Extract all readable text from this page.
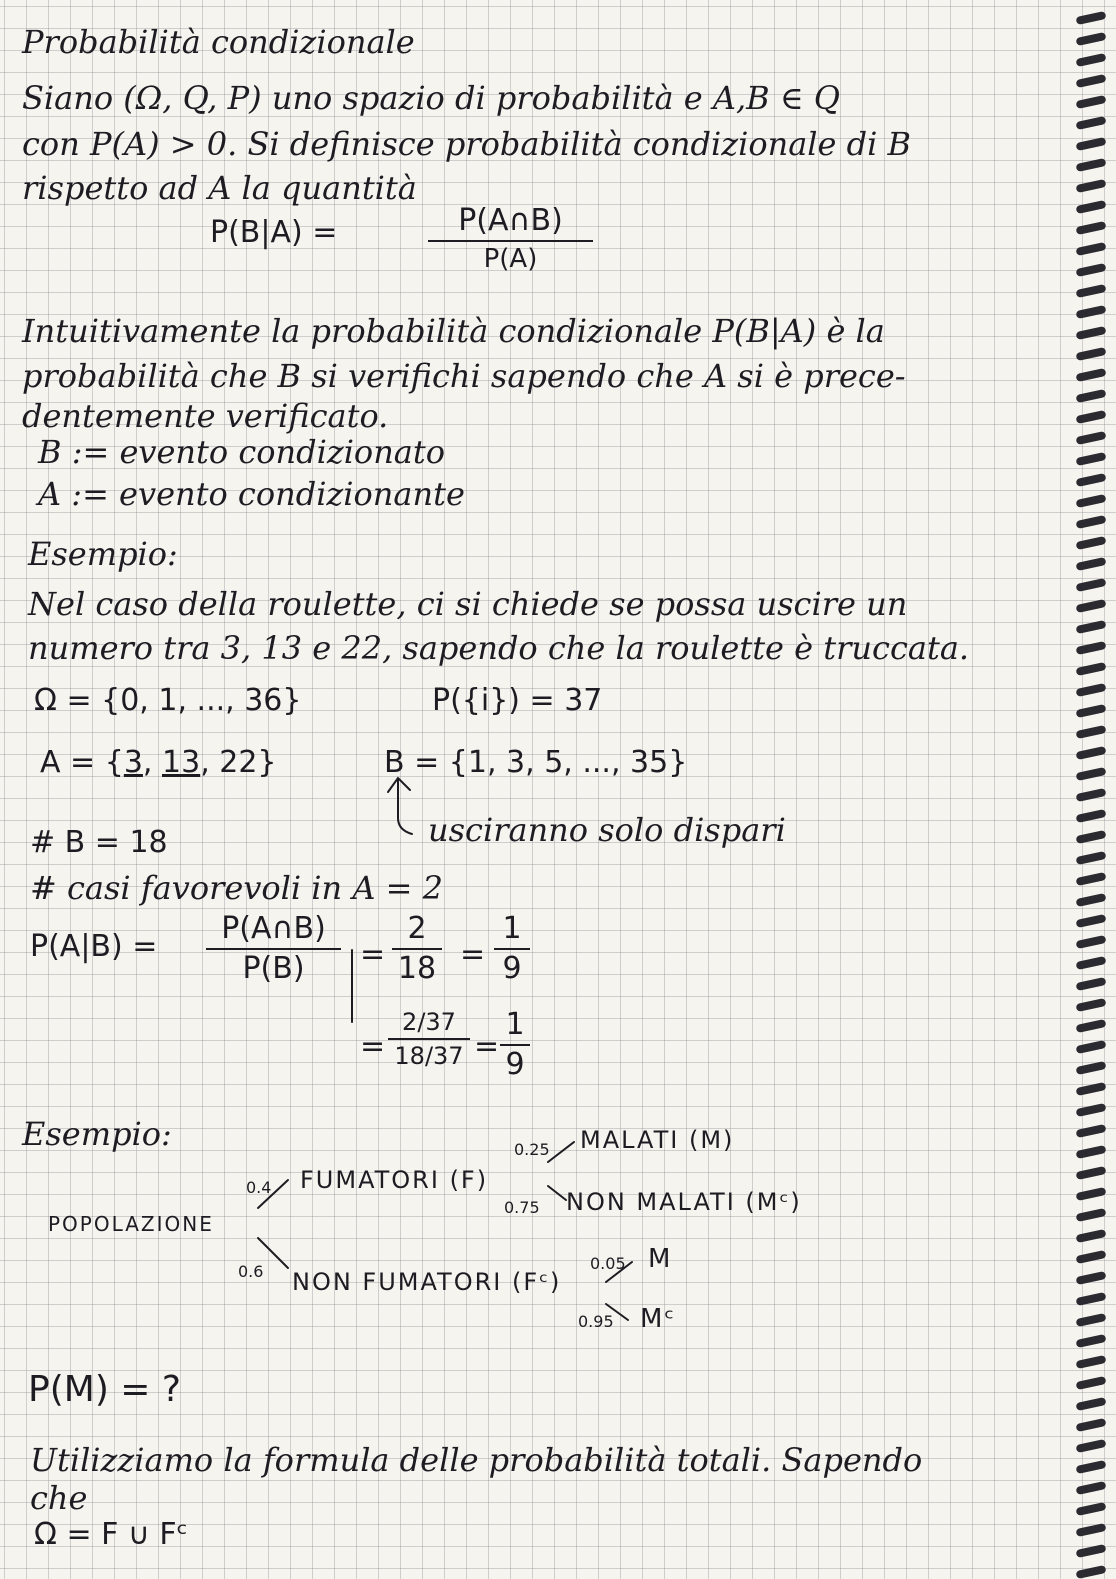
Probabilità condizionale
Siano (Ω, Q, P) uno spazio di probabilità e A,B ∈ Q
con P(A) > 0. Si definisce probabilità condizionale di B
rispetto ad A la quantità
P(B|A) =	P(A∩B)
P(A)
Intuitivamente la probabilità condizionale P(B|A) è la
probabilità che B si verifichi sapendo che A si è prece-
dentemente verificato.
B := evento condizionato
A := evento condizionante
Esempio:
Nel caso della roulette, ci si chiede se possa uscire un
numero tra 3, 13 e 22, sapendo che la roulette è truccata.
Ω = {0, 1, ..., 36}	P({i}) = 37
A = {3, 13, 22}	B = {1, 3, 5, ..., 35}
usciranno solo dispari
# B = 18
# casi favorevoli in A = 2
P(A|B) =
P(A∩B)
P(B)	=
2
18 =
1
9
=
2/37
18/37 =
1
9
Esempio:
POPOLAZIONE
FUMATORI (F)
NON FUMATORI (Fᶜ)
0.4
0.6
MALATI (M)
NON MALATI (Mᶜ)
0.25
0.75
M
Mᶜ
0.05
0.95
P(M) = ?
Utilizziamo la formula delle probabilità totali. Sapendo
che
Ω = F ∪ Fᶜ
